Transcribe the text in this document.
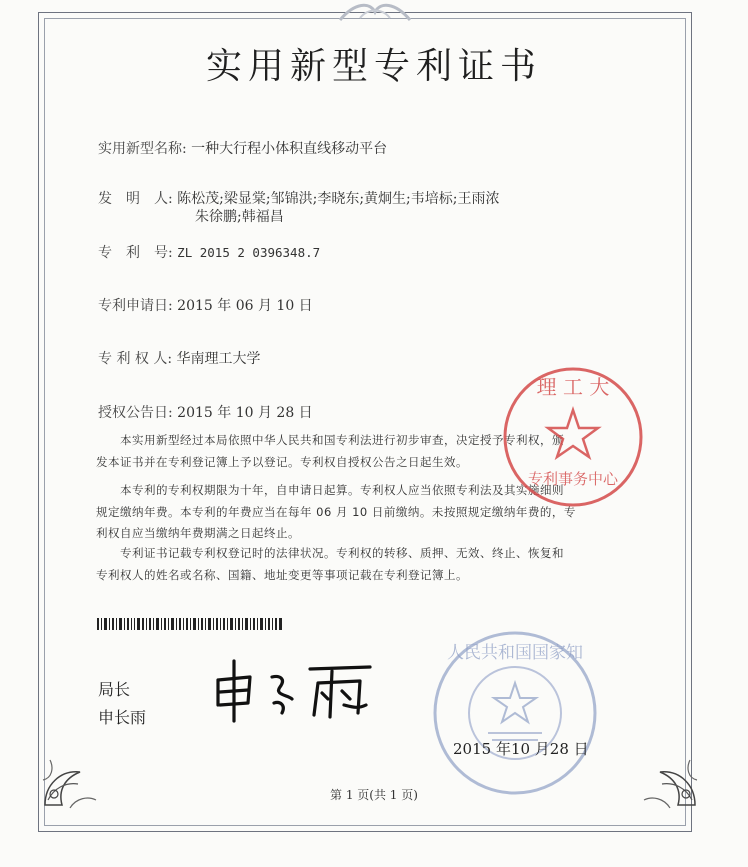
实用新型专利证书
实用新型名称: 一种大行程小体积直线移动平台
发　明　人: 陈松茂;梁显棠;邹锦洪;李晓东;黄炯生;韦培标;王雨浓
朱徐鹏;韩福昌
专　利　号: ZL 2015 2 0396348.7
专利申请日: 2015 年 06 月 10 日
专 利 权 人: 华南理工大学
授权公告日: 2015 年 10 月 28 日
本实用新型经过本局依照中华人民共和国专利法进行初步审查，决定授予专利权，颁
发本证书并在专利登记簿上予以登记。专利权自授权公告之日起生效。
本专利的专利权期限为十年，自申请日起算。专利权人应当依照专利法及其实施细则
规定缴纳年费。本专利的年费应当在每年 06 月 10 日前缴纳。未按照规定缴纳年费的，专
利权自应当缴纳年费期满之日起终止。
专利证书记载专利权登记时的法律状况。专利权的转移、质押、无效、终止、恢复和
专利权人的姓名或名称、国籍、地址变更等事项记载在专利登记簿上。
局长
申长雨
理 工 大
专利事务中心
人民共和国国家知
2015 年10 月28 日
第 1 页(共 1 页)
